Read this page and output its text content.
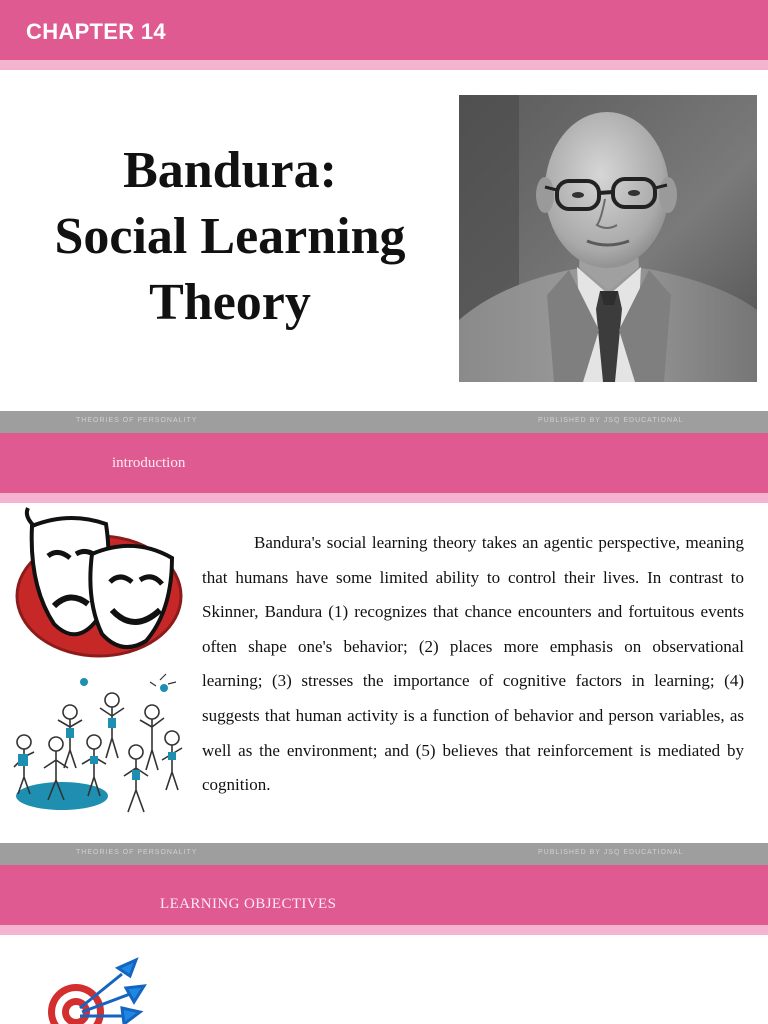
CHAPTER 14
Bandura:
Social Learning
Theory
THEORIES OF PERSONALITY	PUBLISHED BY JSQ EDUCATIONAL
introduction

Bandura's social learning theory takes an agentic perspective, meaning that humans have some limited ability to control their lives. In contrast to Skinner, Bandura (1) recognizes that chance encounters and fortuitous events often shape one's behavior; (2) places more emphasis on observational learning; (3) stresses the importance of cognitive factors in learning; (4) suggests that human activity is a function of behavior and person variables, as well as the environment; and (5) believes that reinforcement is mediated by cognition.

THEORIES OF PERSONALITY	PUBLISHED BY JSQ EDUCATIONAL
LEARNING OBJECTIVES
